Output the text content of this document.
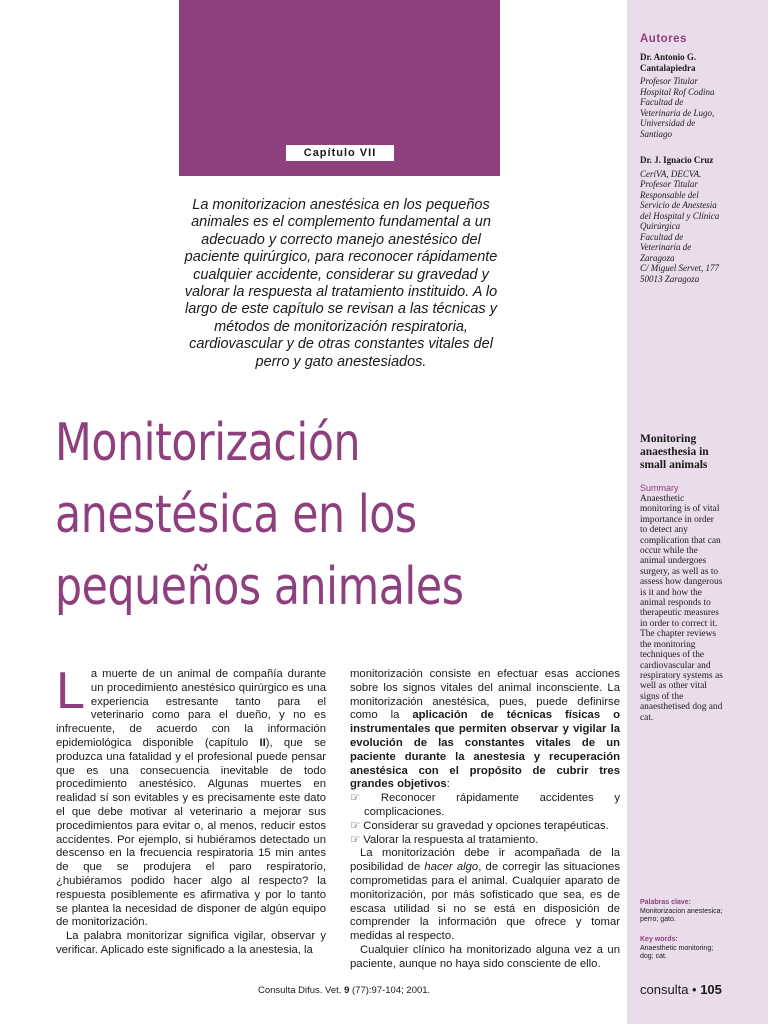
Capítulo VII
La monitorizacion anestésica en los pequeños animales es el complemento fundamental a un adecuado y correcto manejo anestésico del paciente quirúrgico, para reconocer rápidamente cualquier accidente, considerar su gravedad y valorar la respuesta al tratamiento instituido. A lo largo de este capítulo se revisan a las técnicas y métodos de monitorización respiratoria, cardiovascular y de otras constantes vitales del perro y gato anestesiados.
Monitorización
anestésica en los
pequeños animales
Autores
Dr. Antonio G.
Cantalapiedra
Profesor Titular
Hospital Rof Codina
Facultad de
Veterinaria de Lugo,
Universidad de
Santiago
Dr. J. Ignacio Cruz
CeriVA, DECVA.
Profesor Titular
Responsable del
Servicio de Anestesia
del Hospital y Clínica
Quirúrgica
Facultad de
Veterinaria de
Zaragoza
C/ Miguel Servet, 177
50013 Zaragoza
Monitoring
anaesthesia in
small animals
Summary
Anaesthetic
monitoring is of vital
importance in order
to detect any
complication that can
occur while the
animal undergoes
surgery, as well as to
assess how dangerous
is it and how the
animal responds to
therapeutic measures
in order to correct it.
The chapter reviews
the monitoring
techniques of the
cardiovascular and
respiratory systems as
well as other vital
signs of the
anaesthetised dog and
cat.
Palabras clave:
Monitorizacion anestesica;
perro; gato.
Key words:
Anaesthetic monitoring;
dog; cat.

La muerte de un animal de compañía durante un procedimiento anestésico quirúrgico es una experiencia estresante tanto para el veterinario como para el dueño, y no es infrecuente, de acuerdo con la información epidemiológica disponible (capítulo II), que se produzca una fatalidad y el profesional puede pensar que es una consecuencia inevitable de todo procedimiento anestésico. Algunas muertes en realidad sí son evitables y es precisamente este dato el que debe motivar al veterinario a mejorar sus procedimientos para evitar o, al menos, reducir estos accidentes. Por ejemplo, si hubiéramos detectado un descenso en la frecuencia respiratoria 15 min antes de que se produjera el paro respiratorio, ¿hubiéramos podido hacer algo al respecto? la respuesta posiblemente es afirmativa y por lo tanto se plantea la necesidad de disponer de algún equipo de monitorización.

La palabra monitorizar significa vigilar, observar y verificar. Aplicado este significado a la anestesia, la

monitorización consiste en efectuar esas acciones sobre los signos vitales del animal inconsciente. La monitorización anestésica, pues, puede definirse como la aplicación de técnicas físicas o instrumentales que permiten observar y vigilar la evolución de las constantes vitales de un paciente durante la anestesia y recuperación anestésica con el propósito de cubrir tres grandes objetivos:

☞ Reconocer rápidamente accidentes y complicaciones.
☞ Considerar su gravedad y opciones terapéuticas.
☞ Valorar la respuesta al tratamiento.

La monitorización debe ir acompañada de la posibilidad de hacer algo, de corregir las situaciones comprometidas para el animal. Cualquier aparato de monitorización, por más sofisticado que sea, es de escasa utilidad si no se está en disposición de comprender la información que ofrece y tomar medidas al respecto.

Cualquier clínico ha monitorizado alguna vez a un paciente, aunque no haya sido consciente de ello.

Consulta Difus. Vet. 9 (77):97-104; 2001.	consulta • 105
